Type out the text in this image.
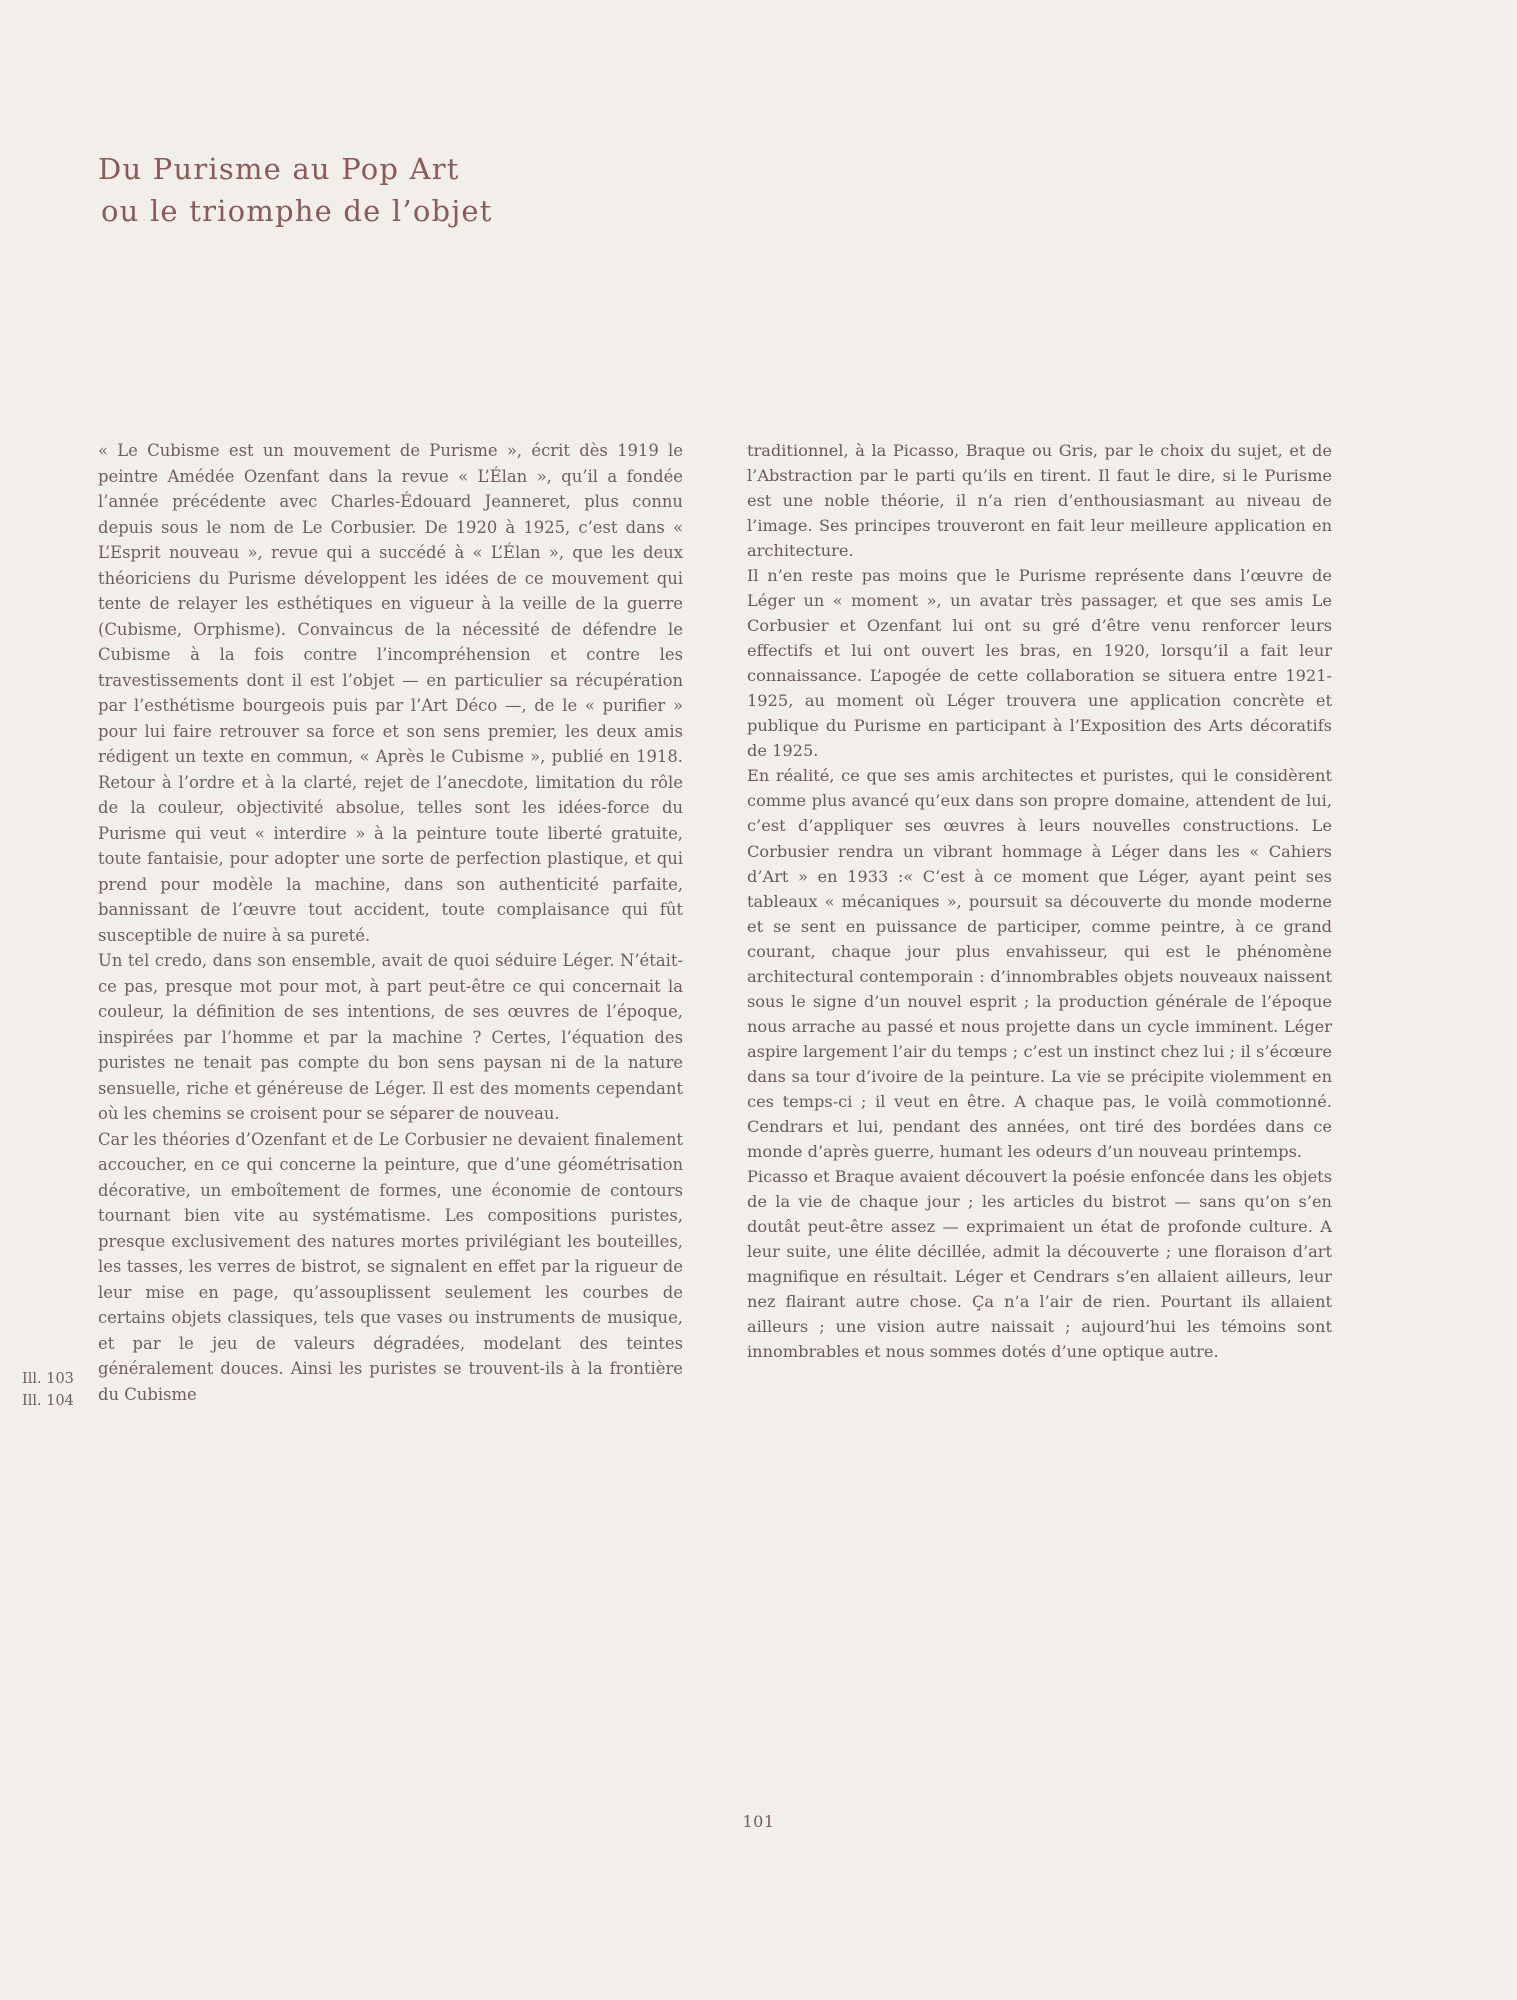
Du Purisme au Pop Art
ou le triomphe de l’objet
Ill. 103
Ill. 104

« Le Cubisme est un mouvement de Purisme », écrit dès 1919 le peintre Amédée Ozenfant dans la revue « L’Élan », qu’il a fondée l’année précédente avec Charles-Édouard Jeanneret, plus connu depuis sous le nom de Le Corbusier. De 1920 à 1925, c’est dans « L’Esprit nouveau », revue qui a succédé à « L’Élan », que les deux théoriciens du Purisme développent les idées de ce mouvement qui tente de relayer les esthétiques en vigueur à la veille de la guerre (Cubisme, Orphisme). Convaincus de la nécessité de défendre le Cubisme à la fois contre l’incompréhension et contre les travestissements dont il est l’objet — en particulier sa récupération par l’esthétisme bourgeois puis par l’Art Déco —, de le « purifier » pour lui faire retrouver sa force et son sens premier, les deux amis rédigent un texte en commun, « Après le Cubisme », publié en 1918. Retour à l’ordre et à la clarté, rejet de l’anecdote, limitation du rôle de la couleur, objectivité absolue, telles sont les idées-force du Purisme qui veut « interdire » à la peinture toute liberté gratuite, toute fantaisie, pour adopter une sorte de perfection plastique, et qui prend pour modèle la machine, dans son authenticité parfaite, bannissant de l’œuvre tout accident, toute complaisance qui fût susceptible de nuire à sa pureté.

Un tel credo, dans son ensemble, avait de quoi séduire Léger. N’était-ce pas, presque mot pour mot, à part peut-être ce qui concernait la couleur, la définition de ses intentions, de ses œuvres de l’époque, inspirées par l’homme et par la machine ? Certes, l’équation des puristes ne tenait pas compte du bon sens paysan ni de la nature sensuelle, riche et généreuse de Léger. Il est des moments cependant où les chemins se croisent pour se séparer de nouveau.

Car les théories d’Ozenfant et de Le Corbusier ne devaient finalement accoucher, en ce qui concerne la peinture, que d’une géométrisation décorative, un emboîtement de formes, une économie de contours tournant bien vite au systématisme. Les compositions puristes, presque exclusivement des natures mortes privilégiant les bouteilles, les tasses, les verres de bistrot, se signalent en effet par la rigueur de leur mise en page, qu’assouplissent seulement les courbes de certains objets classiques, tels que vases ou instruments de musique, et par le jeu de valeurs dégradées, modelant des teintes généralement douces. Ainsi les puristes se trouvent-ils à la frontière du Cubisme

traditionnel, à la Picasso, Braque ou Gris, par le choix du sujet, et de l’Abstraction par le parti qu’ils en tirent. Il faut le dire, si le Purisme est une noble théorie, il n’a rien d’enthousiasmant au niveau de l’image. Ses principes trouveront en fait leur meilleure application en architecture.

Il n’en reste pas moins que le Purisme représente dans l’œuvre de Léger un « moment », un avatar très passager, et que ses amis Le Corbusier et Ozenfant lui ont su gré d’être venu renforcer leurs effectifs et lui ont ouvert les bras, en 1920, lorsqu’il a fait leur connaissance. L’apogée de cette collaboration se situera entre 1921-1925, au moment où Léger trouvera une application concrète et publique du Purisme en participant à l’Exposition des Arts décoratifs de 1925.

En réalité, ce que ses amis architectes et puristes, qui le considèrent comme plus avancé qu’eux dans son propre domaine, attendent de lui, c’est d’appliquer ses œuvres à leurs nouvelles constructions. Le Corbusier rendra un vibrant hommage à Léger dans les « Cahiers d’Art » en 1933 :« C’est à ce moment que Léger, ayant peint ses tableaux « mécaniques », poursuit sa découverte du monde moderne et se sent en puissance de participer, comme peintre, à ce grand courant, chaque jour plus envahisseur, qui est le phénomène architectural contemporain : d’innombrables objets nouveaux naissent sous le signe d’un nouvel esprit ; la production générale de l’époque nous arrache au passé et nous projette dans un cycle imminent. Léger aspire largement l’air du temps ; c’est un instinct chez lui ; il s’écœure dans sa tour d’ivoire de la peinture. La vie se précipite violemment en ces temps-ci ; il veut en être. A chaque pas, le voilà commotionné. Cendrars et lui, pendant des années, ont tiré des bordées dans ce monde d’après guerre, humant les odeurs d’un nouveau printemps.

Picasso et Braque avaient découvert la poésie enfoncée dans les objets de la vie de chaque jour ; les articles du bistrot — sans qu’on s’en doutât peut-être assez — exprimaient un état de profonde culture. A leur suite, une élite décillée, admit la découverte ; une floraison d’art magnifique en résultait. Léger et Cendrars s’en allaient ailleurs, leur nez flairant autre chose. Ça n’a l’air de rien. Pourtant ils allaient ailleurs ; une vision autre naissait ; aujourd’hui les témoins sont innombrables et nous sommes dotés d’une optique autre.

101
